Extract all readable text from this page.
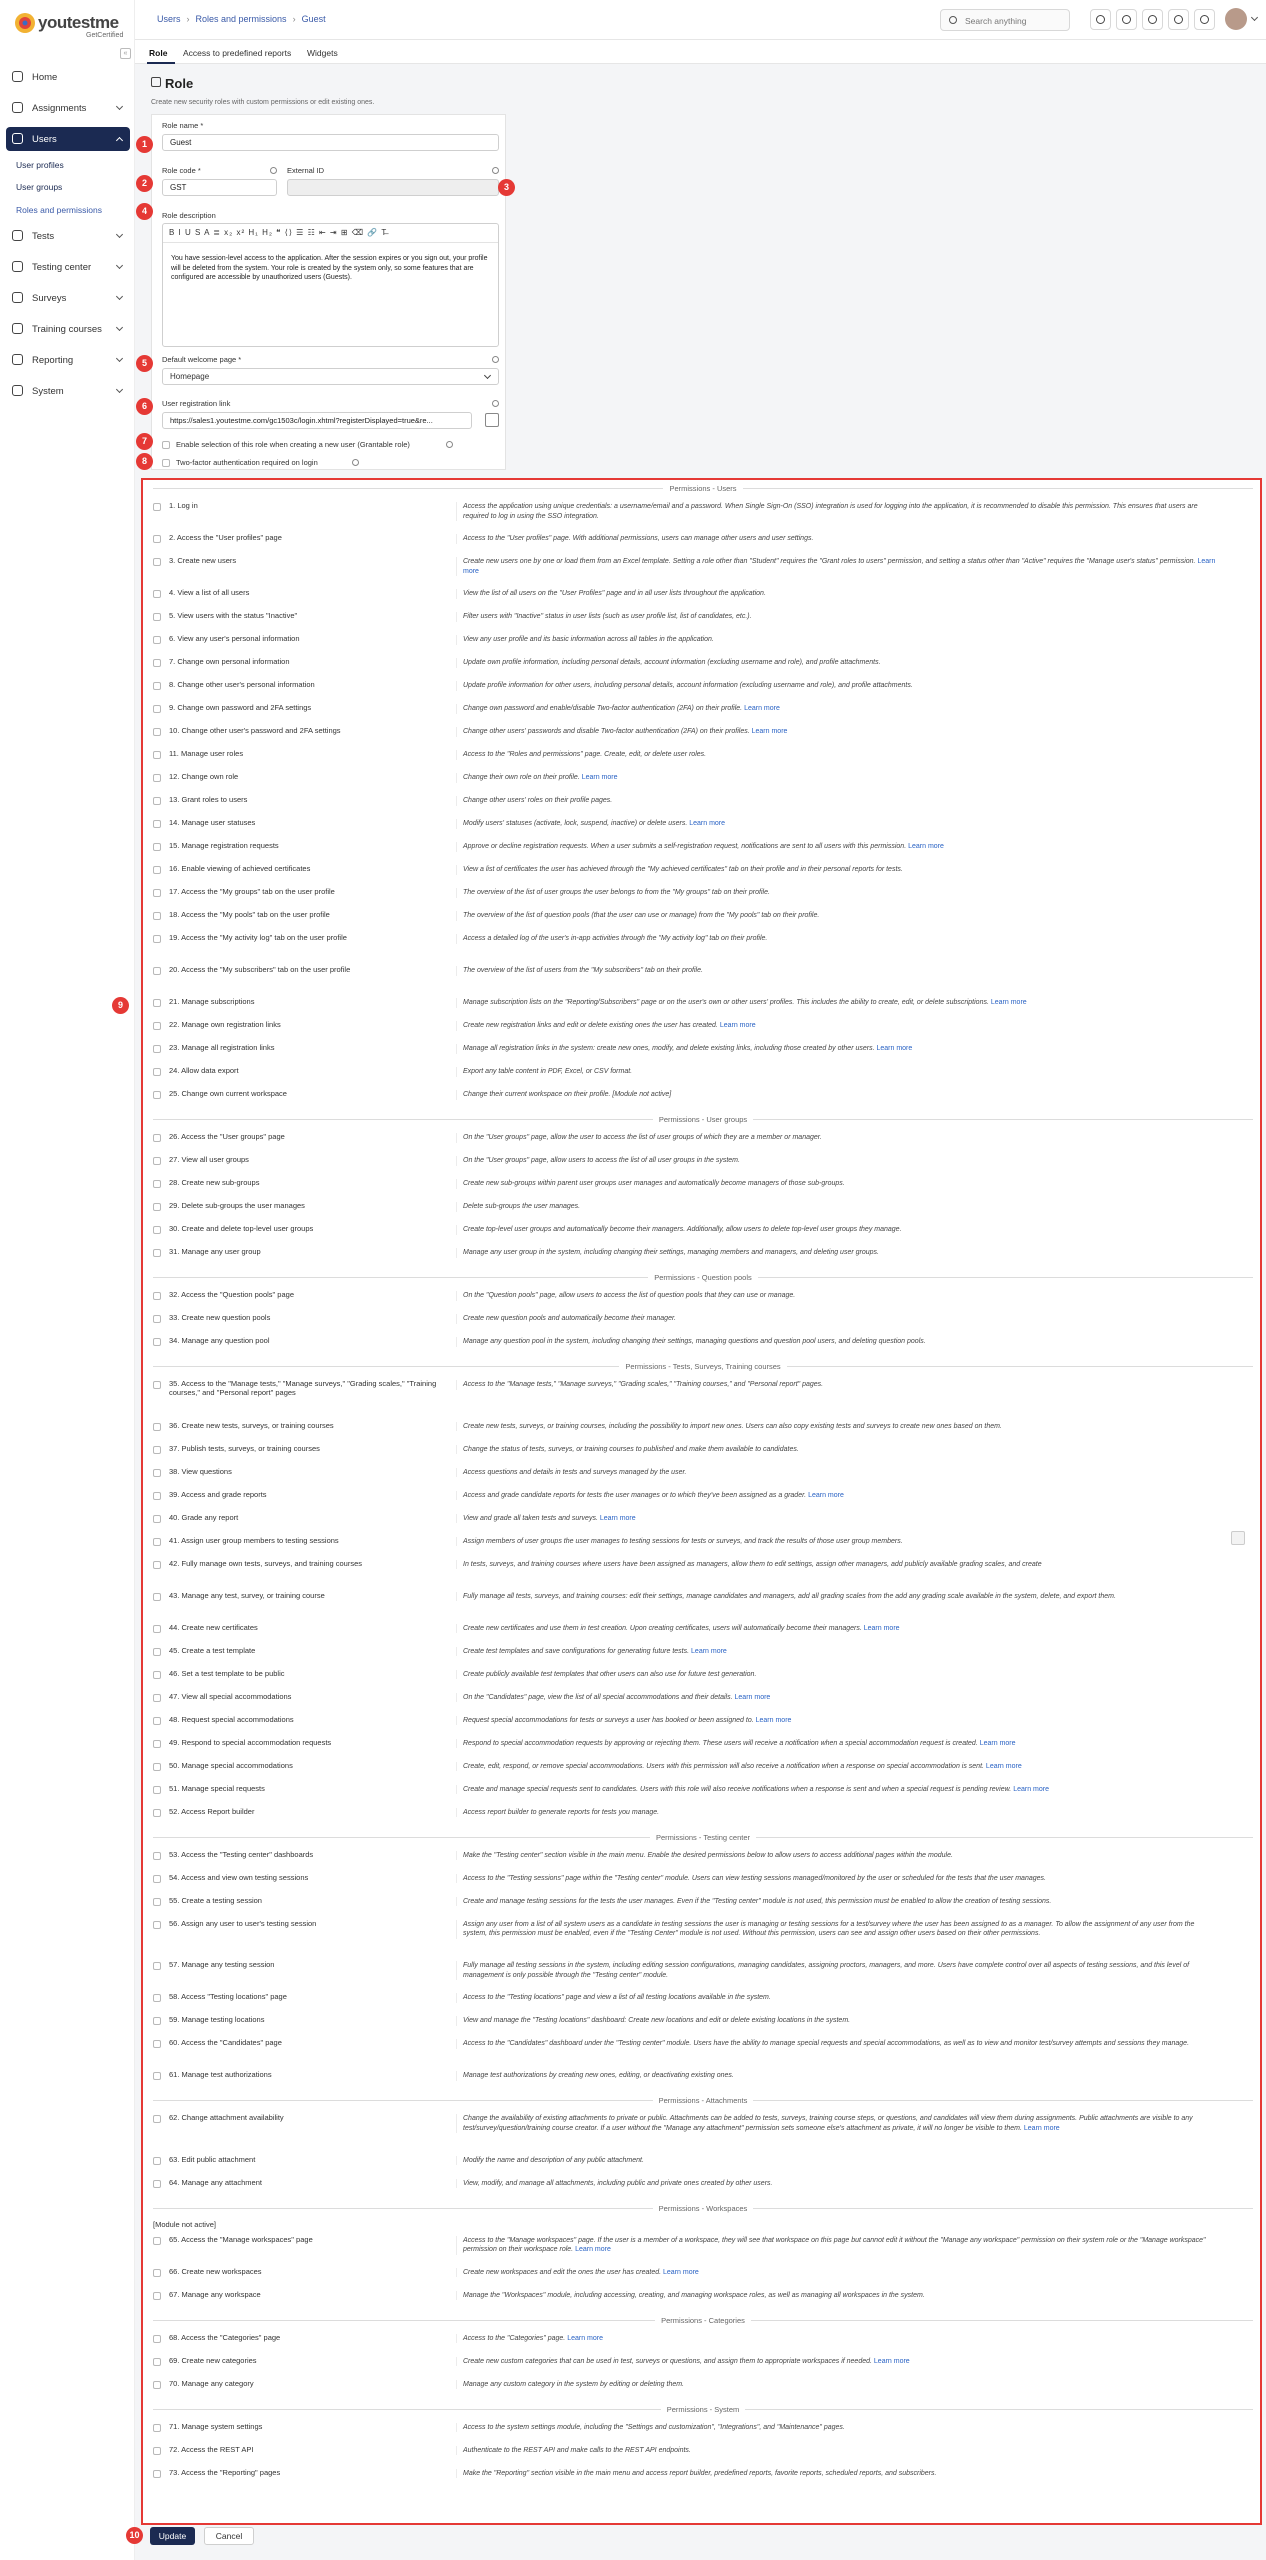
youtestme
GetCertified
«
Home
Assignments
Users
User profiles
User groups
Roles and permissions
Tests
Testing center
Surveys
Training courses
Reporting
System
Users › Roles and permissions › Guest	Search anything
Role Access to predefined reports Widgets
Role
Create new security roles with custom permissions or edit existing ones.
Role name *
Guest
Role code *
GST
External ID
Role description
B I U S A ≣ x₂ x² H₁ H₂ ❝ ⟨⟩ ☰ ☷ ⇤ ⇥ ⊞ ⌫ 🔗 T̶
You have session-level access to the application. After the session expires or you sign out, your profile will be deleted from the system. Your role is created by the system only, so some features that are configured are accessible by unauthorized users (Guests).
Default welcome page *
Homepage
User registration link
https://sales1.youtestme.com/gc1503c/login.xhtml?registerDisplayed=true&re...
Enable selection of this role when creating a new user (Grantable role)
Two-factor authentication required on login
1
2	3
4
5
6
7
8
9
10
Permissions - Users
1. Log in	Access the application using unique credentials: a username/email and a password. When Single Sign-On (SSO) integration is used for logging into the application, it is recommended to disable this permission. This ensures that users are required to log in using the SSO integration.
2. Access the "User profiles" page	Access to the "User profiles" page. With additional permissions, users can manage other users and user settings.
3. Create new users	Create new users one by one or load them from an Excel template. Setting a role other than "Student" requires the "Grant roles to users" permission, and setting a status other than "Active" requires the "Manage user's status" permission. Learn more
4. View a list of all users	View the list of all users on the "User Profiles" page and in all user lists throughout the application.
5. View users with the status "Inactive"	Filter users with "Inactive" status in user lists (such as user profile list, list of candidates, etc.).
6. View any user's personal information	View any user profile and its basic information across all tables in the application.
7. Change own personal information	Update own profile information, including personal details, account information (excluding username and role), and profile attachments.
8. Change other user's personal information	Update profile information for other users, including personal details, account information (excluding username and role), and profile attachments.
9. Change own password and 2FA settings	Change own password and enable/disable Two-factor authentication (2FA) on their profile. Learn more
10. Change other user's password and 2FA settings	Change other users' passwords and disable Two-factor authentication (2FA) on their profiles. Learn more
11. Manage user roles	Access to the "Roles and permissions" page. Create, edit, or delete user roles.
12. Change own role	Change their own role on their profile. Learn more
13. Grant roles to users	Change other users' roles on their profile pages.
14. Manage user statuses	Modify users' statuses (activate, lock, suspend, inactive) or delete users. Learn more
15. Manage registration requests	Approve or decline registration requests. When a user submits a self-registration request, notifications are sent to all users with this permission. Learn more
16. Enable viewing of achieved certificates	View a list of certificates the user has achieved through the "My achieved certificates" tab on their profile and in their personal reports for tests.
17. Access the "My groups" tab on the user profile	The overview of the list of user groups the user belongs to from the "My groups" tab on their profile.
18. Access the "My pools" tab on the user profile	The overview of the list of question pools (that the user can use or manage) from the "My pools" tab on their profile.
19. Access the "My activity log" tab on the user profile	Access a detailed log of the user's in-app activities through the "My activity log" tab on their profile.
20. Access the "My subscribers" tab on the user profile	The overview of the list of users from the "My subscribers" tab on their profile.
21. Manage subscriptions	Manage subscription lists on the "Reporting/Subscribers" page or on the user's own or other users' profiles. This includes the ability to create, edit, or delete subscriptions. Learn more
22. Manage own registration links	Create new registration links and edit or delete existing ones the user has created. Learn more
23. Manage all registration links	Manage all registration links in the system: create new ones, modify, and delete existing links, including those created by other users. Learn more
24. Allow data export	Export any table content in PDF, Excel, or CSV format.
25. Change own current workspace	Change their current workspace on their profile. [Module not active]
Permissions - User groups
26. Access the "User groups" page	On the "User groups" page, allow the user to access the list of user groups of which they are a member or manager.
27. View all user groups	On the "User groups" page, allow users to access the list of all user groups in the system.
28. Create new sub-groups	Create new sub-groups within parent user groups user manages and automatically become managers of those sub-groups.
29. Delete sub-groups the user manages	Delete sub-groups the user manages.
30. Create and delete top-level user groups	Create top-level user groups and automatically become their managers. Additionally, allow users to delete top-level user groups they manage.
31. Manage any user group	Manage any user group in the system, including changing their settings, managing members and managers, and deleting user groups.
Permissions - Question pools
32. Access the "Question pools" page	On the "Question pools" page, allow users to access the list of question pools that they can use or manage.
33. Create new question pools	Create new question pools and automatically become their manager.
34. Manage any question pool	Manage any question pool in the system, including changing their settings, managing questions and question pool users, and deleting question pools.
Permissions - Tests, Surveys, Training courses
35. Access to the "Manage tests," "Manage surveys," "Grading scales," "Training courses," and "Personal report" pages
Access to the "Manage tests," "Manage surveys," "Grading scales," "Training courses," and "Personal report" pages.
36. Create new tests, surveys, or training courses	Create new tests, surveys, or training courses, including the possibility to import new ones. Users can also copy existing tests and surveys to create new ones based on them.
37. Publish tests, surveys, or training courses	Change the status of tests, surveys, or training courses to published and make them available to candidates.
38. View questions	Access questions and details in tests and surveys managed by the user.
39. Access and grade reports	Access and grade candidate reports for tests the user manages or to which they've been assigned as a grader. Learn more
40. Grade any report	View and grade all taken tests and surveys. Learn more
41. Assign user group members to testing sessions	Assign members of user groups the user manages to testing sessions for tests or surveys, and track the results of those user group members.
42. Fully manage own tests, surveys, and training courses	In tests, surveys, and training courses where users have been assigned as managers, allow them to edit settings, assign other managers, add publicly available grading scales, and create
43. Manage any test, survey, or training course	Fully manage all tests, surveys, and training courses: edit their settings, manage candidates and managers, add all grading scales from the add any grading scale available in the system, delete, and export them.
44. Create new certificates	Create new certificates and use them in test creation. Upon creating certificates, users will automatically become their managers. Learn more
45. Create a test template	Create test templates and save configurations for generating future tests. Learn more
46. Set a test template to be public	Create publicly available test templates that other users can also use for future test generation.
47. View all special accommodations	On the "Candidates" page, view the list of all special accommodations and their details. Learn more
48. Request special accommodations	Request special accommodations for tests or surveys a user has booked or been assigned to. Learn more
49. Respond to special accommodation requests	Respond to special accommodation requests by approving or rejecting them. These users will receive a notification when a special accommodation request is created. Learn more
50. Manage special accommodations	Create, edit, respond, or remove special accommodations. Users with this permission will also receive a notification when a response on special accommodation is sent. Learn more
51. Manage special requests	Create and manage special requests sent to candidates. Users with this role will also receive notifications when a response is sent and when a special request is pending review. Learn more
52. Access Report builder	Access report builder to generate reports for tests you manage.
Permissions - Testing center
53. Access the "Testing center" dashboards	Make the "Testing center" section visible in the main menu. Enable the desired permissions below to allow users to access additional pages within the module.
54. Access and view own testing sessions	Access to the "Testing sessions" page within the "Testing center" module. Users can view testing sessions managed/monitored by the user or scheduled for the tests that the user manages.
55. Create a testing session	Create and manage testing sessions for the tests the user manages. Even if the "Testing center" module is not used, this permission must be enabled to allow the creation of testing sessions.
56. Assign any user to user's testing session	Assign any user from a list of all system users as a candidate in testing sessions the user is managing or testing sessions for a test/survey where the user has been assigned to as a manager. To allow the assignment of any user from the system, this permission must be enabled, even if the "Testing Center" module is not used. Without this permission, users can see and assign other users based on their other permissions.
57. Manage any testing session	Fully manage all testing sessions in the system, including editing session configurations, managing candidates, assigning proctors, managers, and more. Users have complete control over all aspects of testing sessions, and this level of management is only possible through the "Testing center" module.
58. Access "Testing locations" page	Access to the "Testing locations" page and view a list of all testing locations available in the system.
59. Manage testing locations	View and manage the "Testing locations" dashboard: Create new locations and edit or delete existing locations in the system.
60. Access the "Candidates" page	Access to the "Candidates" dashboard under the "Testing center" module. Users have the ability to manage special requests and special accommodations, as well as to view and monitor test/survey attempts and sessions they manage.
61. Manage test authorizations	Manage test authorizations by creating new ones, editing, or deactivating existing ones.
Permissions - Attachments
62. Change attachment availability	Change the availability of existing attachments to private or public. Attachments can be added to tests, surveys, training course steps, or questions, and candidates will view them during assignments. Public attachments are visible to any test/survey/question/training course creator. If a user without the "Manage any attachment" permission sets someone else's attachment as private, it will no longer be visible to them. Learn more
63. Edit public attachment	Modify the name and description of any public attachment.
64. Manage any attachment	View, modify, and manage all attachments, including public and private ones created by other users.
Permissions - Workspaces
[Module not active]
65. Access the "Manage workspaces" page	Access to the "Manage workspaces" page. If the user is a member of a workspace, they will see that workspace on this page but cannot edit it without the "Manage any workspace" permission on their system role or the "Manage workspace" permission on their workspace role. Learn more
66. Create new workspaces	Create new workspaces and edit the ones the user has created. Learn more
67. Manage any workspace	Manage the "Workspaces" module, including accessing, creating, and managing workspace roles, as well as managing all workspaces in the system.
Permissions - Categories
68. Access the "Categories" page	Access to the "Categories" page. Learn more
69. Create new categories	Create new custom categories that can be used in test, surveys or questions, and assign them to appropriate workspaces if needed. Learn more
70. Manage any category	Manage any custom category in the system by editing or deleting them.
Permissions - System
71. Manage system settings	Access to the system settings module, including the "Settings and customization", "Integrations", and "Maintenance" pages.
72. Access the REST API	Authenticate to the REST API and make calls to the REST API endpoints.
73. Access the "Reporting" pages	Make the "Reporting" section visible in the main menu and access report builder, predefined reports, favorite reports, scheduled reports, and subscribers.
Update	Cancel
